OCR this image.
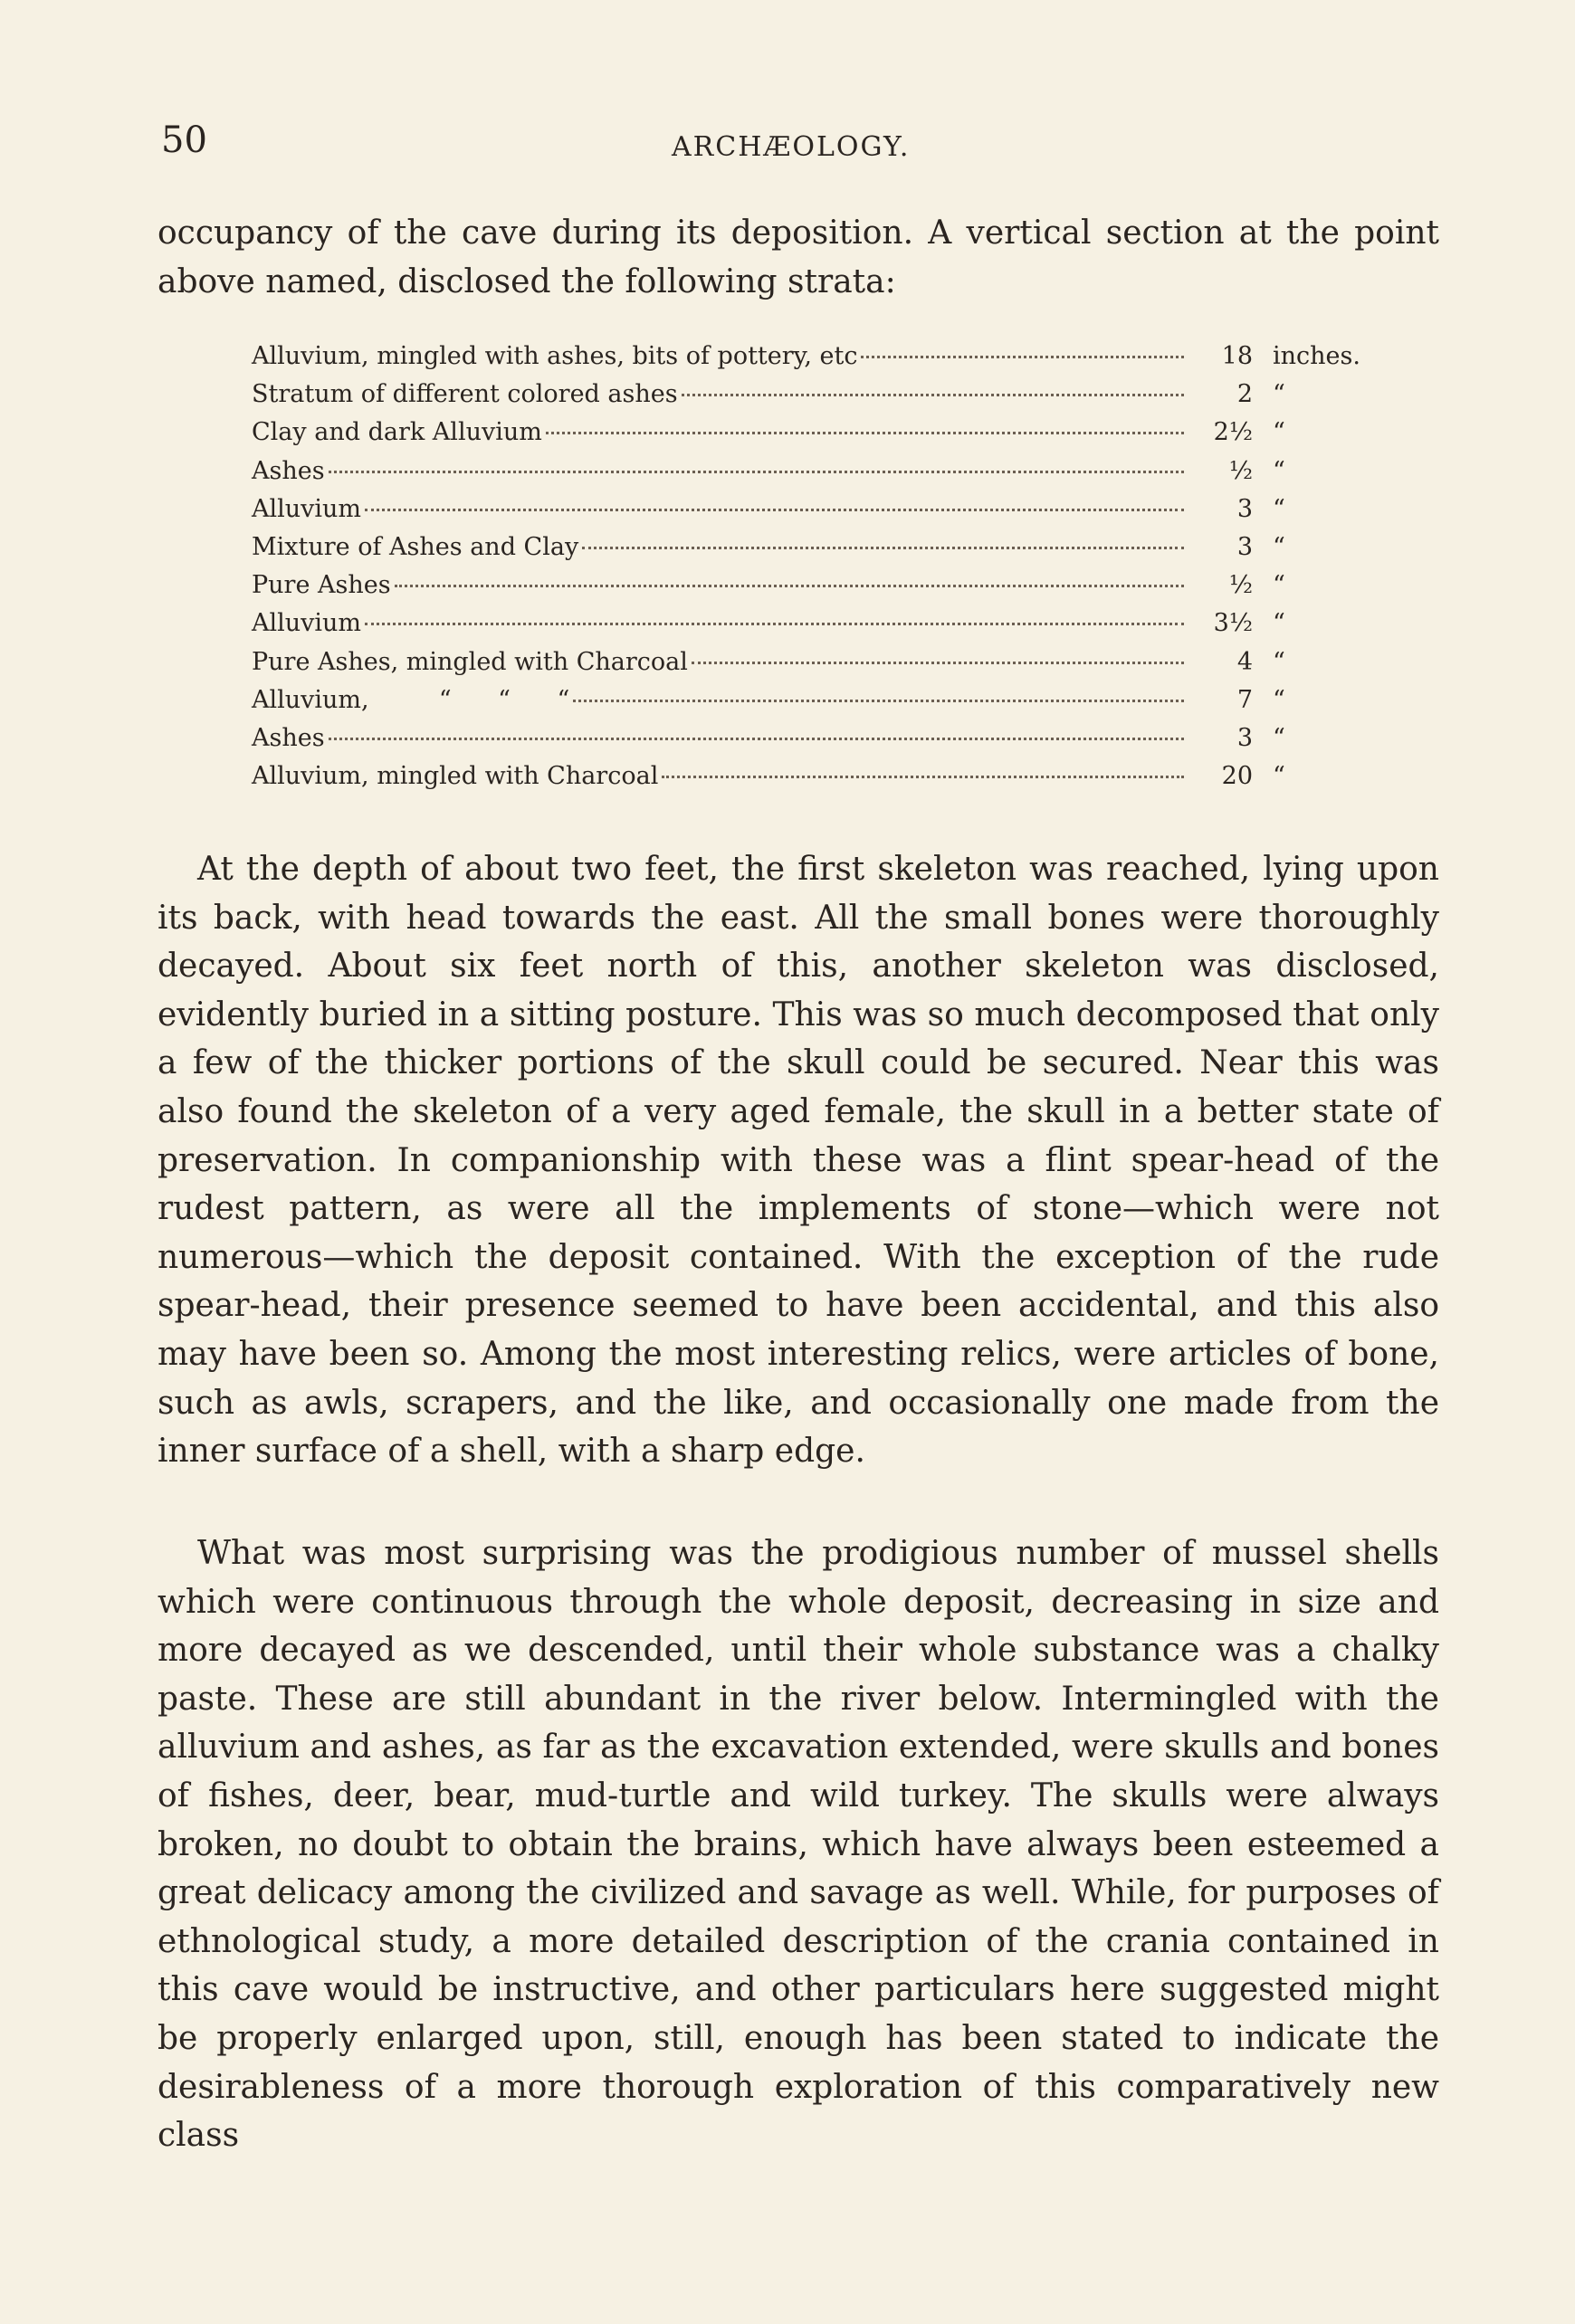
50	ARCHÆOLOGY.

occupancy of the cave during its deposition. A vertical section at the point above named, disclosed the following strata:

Alluvium, mingled with ashes, bits of pottery, etc	18 inches.
Stratum of different colored ashes	2 “
Clay and dark Alluvium	2½ “
Ashes	½ “
Alluvium	3 “
Mixture of Ashes and Clay	3 “
Pure Ashes	½ “
Alluvium	3½ “
Pure Ashes, mingled with Charcoal	4 “
Alluvium,         “      “      “	7 “
Ashes	3 “
Alluvium, mingled with Charcoal	20 “

At the depth of about two feet, the first skeleton was reached, lying upon its back, with head towards the east. All the small bones were thoroughly decayed. About six feet north of this, another skeleton was disclosed, evidently buried in a sitting posture. This was so much decomposed that only a few of the thicker portions of the skull could be secured. Near this was also found the skeleton of a very aged female, the skull in a better state of preservation. In companionship with these was a flint spear-head of the rudest pattern, as were all the implements of stone—which were not numerous—which the deposit contained. With the exception of the rude spear-head, their presence seemed to have been accidental, and this also may have been so. Among the most interesting relics, were articles of bone, such as awls, scrapers, and the like, and occasionally one made from the inner surface of a shell, with a sharp edge.

What was most surprising was the prodigious number of mussel shells which were continuous through the whole deposit, decreasing in size and more decayed as we descended, until their whole substance was a chalky paste. These are still abundant in the river below. Intermingled with the alluvium and ashes, as far as the excavation extended, were skulls and bones of fishes, deer, bear, mud-turtle and wild turkey. The skulls were always broken, no doubt to obtain the brains, which have always been esteemed a great delicacy among the civilized and savage as well. While, for purposes of ethnological study, a more detailed description of the crania contained in this cave would be instructive, and other particulars here suggested might be properly enlarged upon, still, enough has been stated to indicate the desirableness of a more thorough exploration of this comparatively new class
